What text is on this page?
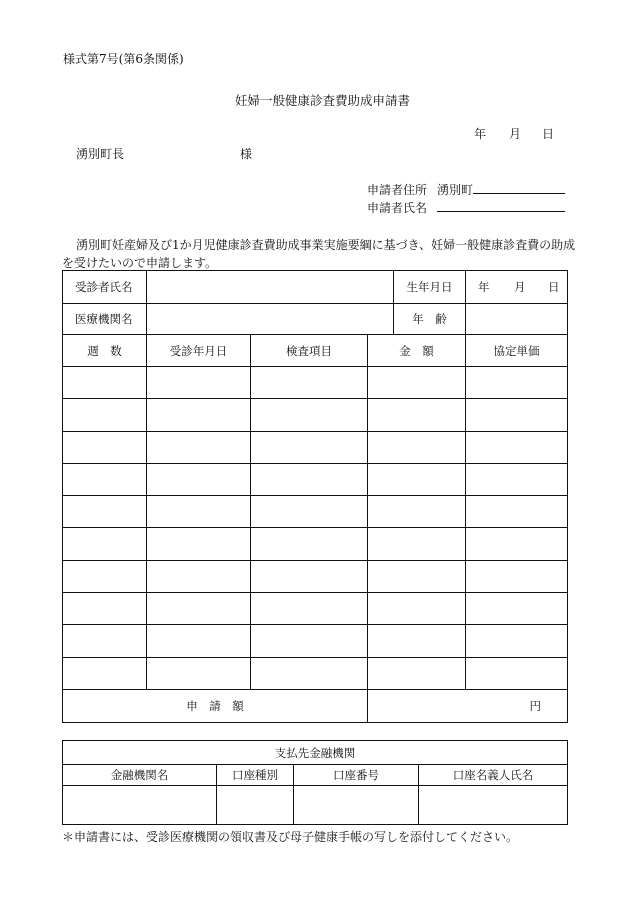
様式第7号(第6条関係)
妊婦一般健康診査費助成申請書
年 月 日
湧別町長	様
申請者住所 湧別町
申請者氏名
湧別町妊産婦及び1か月児健康診査費助成事業実施要綱に基づき、妊婦一般健康診査費の助成
を受けたいので申請します。
受診者氏名				生年月日	年 月 日

医療機関名				年　齢	
週　数	受診年月日	検査項目	金　額		協定単価

申　請　額			円		
支払先金融機関			
金融機関名	口座種別	口座番号	口座名義人氏名

＊申請書には、受診医療機関の領収書及び母子健康手帳の写しを添付してください。
